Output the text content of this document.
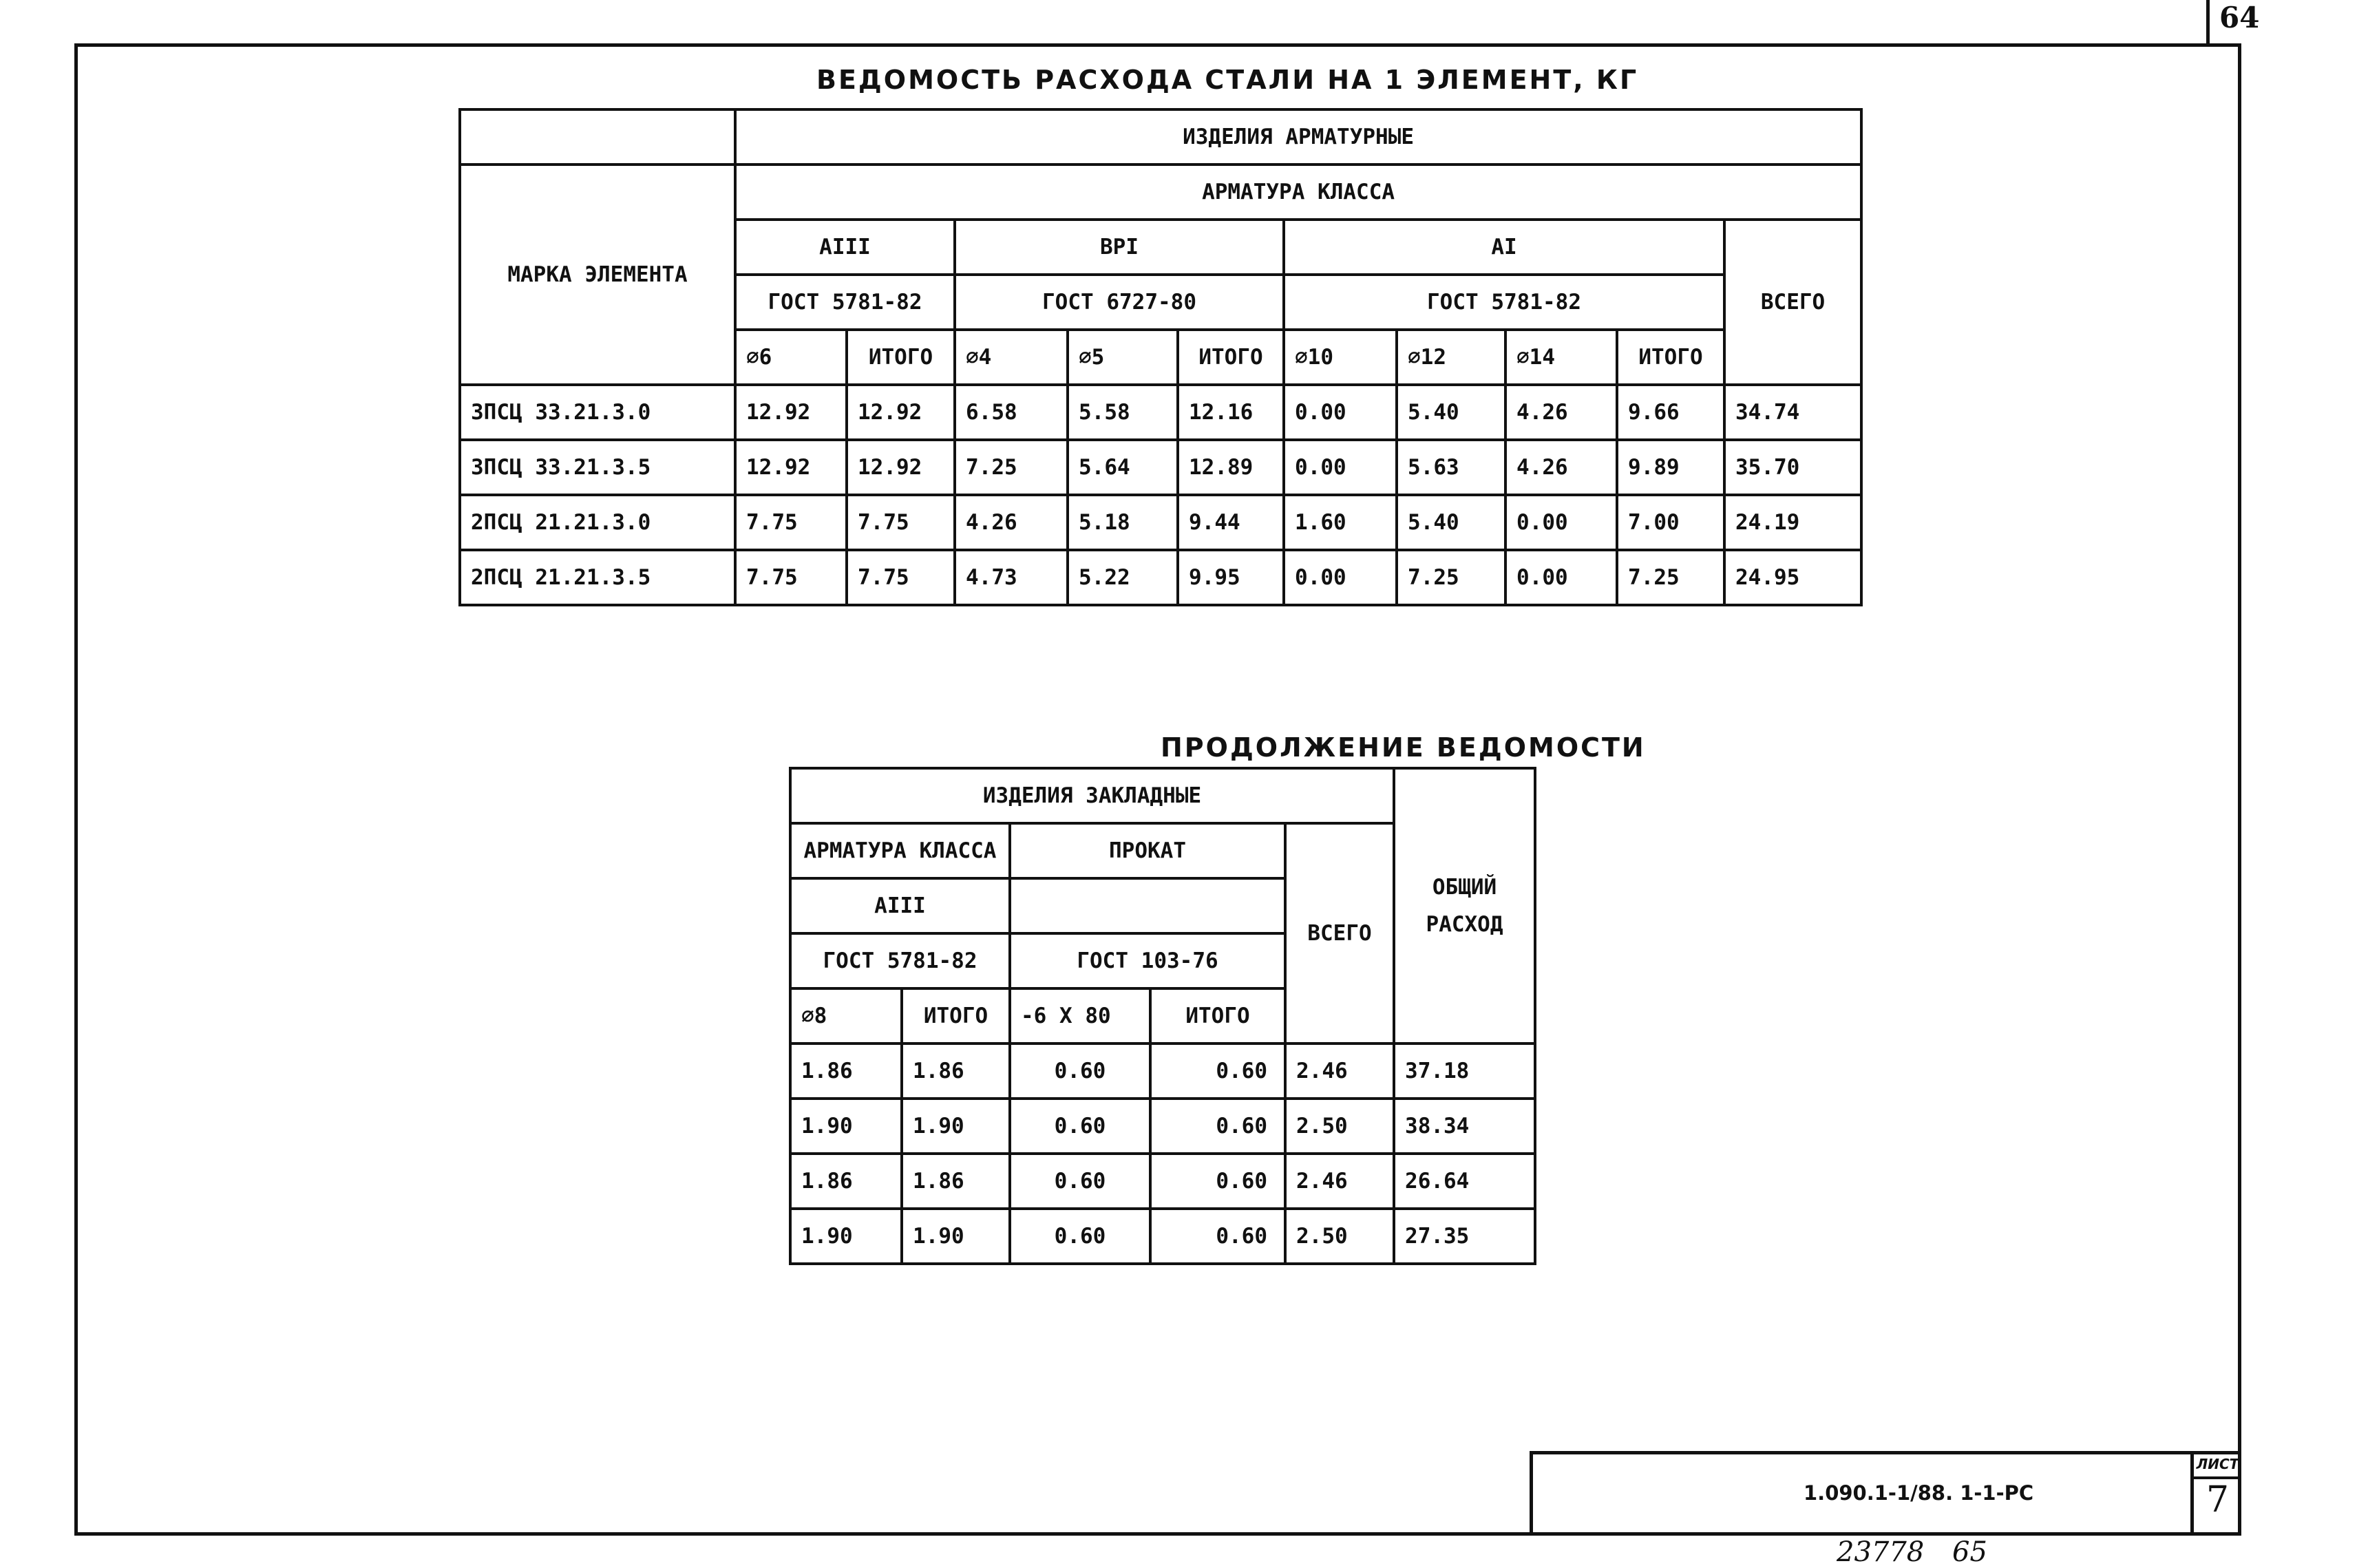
64
ВЕДОМОСТЬ РАСХОДА СТАЛИ НА 1 ЭЛЕМЕНТ, КГ
	ИЗДЕЛИЯ АРМАТУРНЫЕ									
МАРКА ЭЛЕМЕНТА	АРМАТУРА КЛАССА									
	АIII		ВРI			АI				ВСЕГО
	ГОСТ 5781-82		ГОСТ 6727-80			ГОСТ 5781-82				
	∅6	ИТОГО	∅4	∅5	ИТОГО	∅10	∅12	∅14	ИТОГО	
3ПСЦ 33.21.3.0	12.92	12.92	6.58	5.58	12.16	0.00	5.40	4.26	9.66	34.74
3ПСЦ 33.21.3.5	12.92	12.92	7.25	5.64	12.89	0.00	5.63	4.26	9.89	35.70
2ПСЦ 21.21.3.0	7.75	7.75	4.26	5.18	9.44	1.60	5.40	0.00	7.00	24.19
2ПСЦ 21.21.3.5	7.75	7.75	4.73	5.22	9.95	0.00	7.25	0.00	7.25	24.95
ПРОДОЛЖЕНИЕ ВЕДОМОСТИ
ИЗДЕЛИЯ ЗАКЛАДНЫЕ					ОБЩИЙ
РАСХОД

АРМАТУРА КЛАССА		ПРОКАТ		ВСЕГО	
АIII					
ГОСТ 5781-82		ГОСТ 103-76			
∅8	ИТОГО	-6 Х 80	ИТОГО		
1.86	1.86	0.60	0.60	2.46	37.18
1.90	1.90	0.60	0.60	2.50	38.34
1.86	1.86	0.60	0.60	2.46	26.64
1.90	1.90	0.60	0.60	2.50	27.35
1.090.1-1/88. 1-1-РС
ЛИСТ
7
23778 65
